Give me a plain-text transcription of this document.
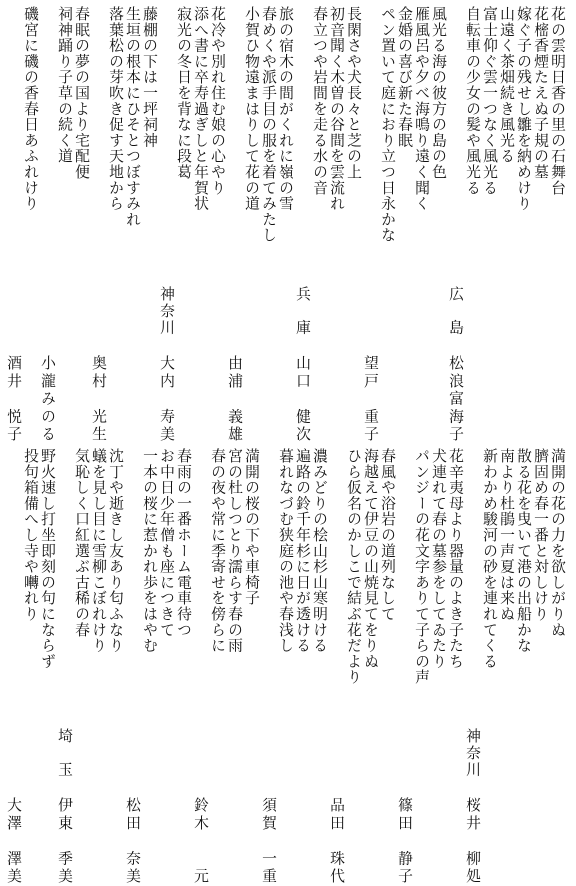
花の雲明日香の里の石舞台
花樒香煙たえぬ子規の墓
嫁ぐ子の残せし雛を納めけり
山遠く茶畑続き風光る
富士仰ぐ雲一つなく風光る
自転車の少女の髪や風光る
広　島
松浪富海子
風光る海の彼方の島の色
雁風呂や夕べ海鳴り遠く聞く
金婚の喜び新た春眠
ペン置いて庭におり立つ日永かな
望戸　重子
長閑さや犬長々と芝の上
初音聞く木曽の谷間を雲流れ
春立つや岩間を走る水の音
兵　庫
山口　健次
旅の宿木の間がくれに嶺の雪
春めくや派手目の服を着てみたし
小賀ひ物遠まはりして花の道
由浦　義雄
花冷や別れ住む娘の心やり
添へ書に卒寿過ぎしと年賀状
寂光の冬日を背なに段葛
神奈川
大内　寿美
藤棚の下は一坪祠神
生垣の根本にひそとつぼすみれ
落葉松の芽吹き促す天地から
奥村　光生
春眠の夢の国より宅配便
祠神踊り子草の続く道
小瀧みのる
磯宮に磯の香春日あふれけり
酒井　悦子
満開の花の力を欲しがりぬ
臍固め春一番と対しけり
散る花を曳いて港の出船かな
南より杜鵑一声夏は来ぬ
新わかめ駿河の砂を連れてくる
神奈川
桜井　柳処
花辛夷母より器量のよき子たち
犬連れて春の墓参をしてゐたり
パンジーの花文字ありて子らの声
篠田　静子
春風や浴岩の道列なして
海越えて伊豆の山焼見てをりぬ
ひら仮名のかしこで結ぶ花だより
品田　珠代
濃みどりの桧山杉山寒明ける
遍路の鈴千年杉に日が透ける
暮れなづむ狭庭の池や春浅し
須賀　一重
満開の桜の下や車椅子
宮の杜しつとり濡らす春の雨
春の夜や常に季寄せを傍らに
鈴木　　元
春雨の一番ホーム電車待つ
お中日少年僧も座につきて
一本の桜に惹かれ歩をはやむ
松田　奈美
沈丁や逝きし友あり匂ふなり
蟻を見し目に雪柳こぼれけり
気恥しく口紅選ぶ古稀の春
埼　玉
伊東　季美
野火速し打坐即刻の句にならず
投句箱備へし寺や囀れり
大澤　澤美
